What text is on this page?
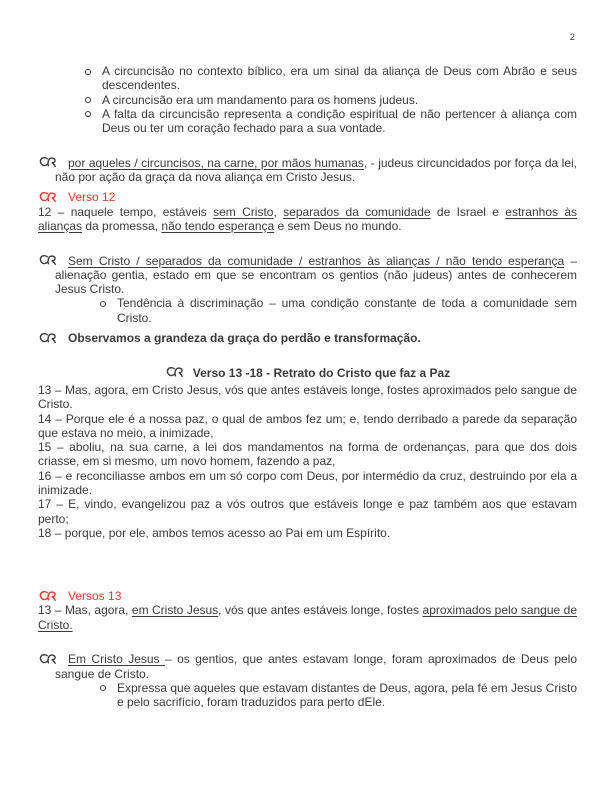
2
A circuncisão no contexto bíblico, era um sinal da aliança de Deus com Abrão e seus descendentes.
A circuncisão era um mandamento para os homens judeus.
A falta da circuncisão representa a condição espiritual de não pertencer à aliança com Deus ou ter um coração fechado para a sua vontade.

por aqueles / circuncisos, na carne, por mãos humanas, - judeus circuncidados por força da lei, não por ação da graça da nova aliança em Cristo Jesus.

Verso 12

12 – naquele tempo, estáveis sem Cristo, separados da comunidade de Israel e estranhos às alianças da promessa, não tendo esperança e sem Deus no mundo.

Sem Cristo / separados da comunidade / estranhos às alianças / não tendo esperança – alienação gentia, estado em que se encontram os gentios (não judeus) antes de conhecerem Jesus Cristo.

Tendência à discriminação – uma condição constante de toda a comunidade sem Cristo.

Observamos a grandeza da graça do perdão e transformação.

Verso 13 -18 - Retrato do Cristo que faz a Paz

13 – Mas, agora, em Cristo Jesus, vós que antes estáveis longe, fostes aproximados pelo sangue de Cristo.

14 – Porque ele é a nossa paz, o qual de ambos fez um; e, tendo derribado a parede da separação que estava no meio, a inimizade,

15 – aboliu, na sua carne, a lei dos mandamentos na forma de ordenanças, para que dos dois criasse, em si mesmo, um novo homem, fazendo a paz,

16 – e reconciliasse ambos em um só corpo com Deus, por intermédio da cruz, destruindo por ela a inimizade.

17 – E, vindo, evangelizou paz a vós outros que estáveis longe e paz também aos que estavam perto;

18 – porque, por ele, ambos temos acesso ao Pai em um Espírito.

Versos 13

13 – Mas, agora, em Cristo Jesus, vós que antes estáveis longe, fostes aproximados pelo sangue de Cristo.

Em Cristo Jesus – os gentios, que antes estavam longe, foram aproximados de Deus pelo sangue de Cristo.

Expressa que aqueles que estavam distantes de Deus, agora, pela fé em Jesus Cristo e pelo sacrifício, foram traduzidos para perto dEle.
